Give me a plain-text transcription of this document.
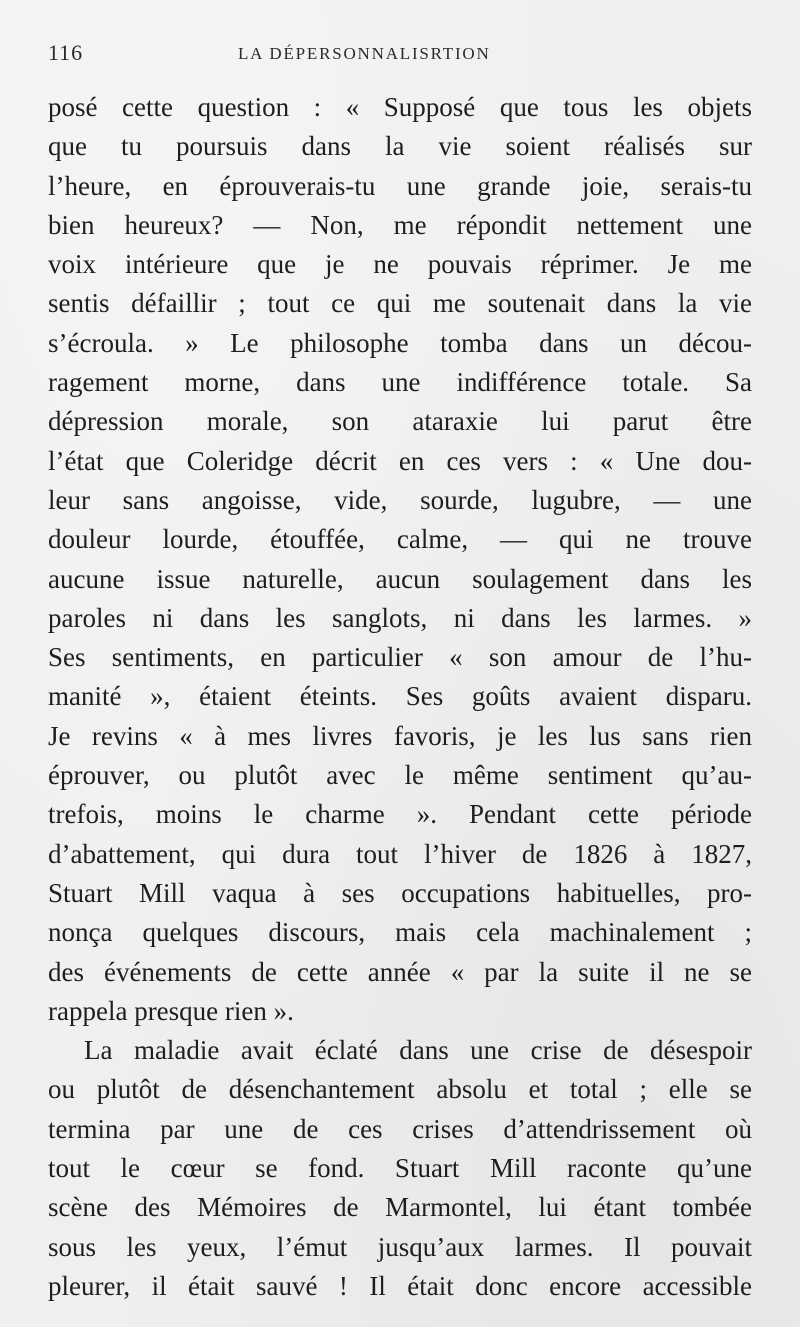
116	LA DÉPERSONNALISRTION
posé cette question : « Supposé que tous les objets
que tu poursuis dans la vie soient réalisés sur
l’heure, en éprouverais-tu une grande joie, serais-tu
bien heureux? — Non, me répondit nettement une
voix intérieure que je ne pouvais réprimer. Je me
sentis défaillir ; tout ce qui me soutenait dans la vie
s’écroula. » Le philosophe tomba dans un décou-
ragement morne, dans une indifférence totale. Sa
dépression morale, son ataraxie lui parut être
l’état que Coleridge décrit en ces vers : « Une dou-
leur sans angoisse, vide, sourde, lugubre, — une
douleur lourde, étouffée, calme, — qui ne trouve
aucune issue naturelle, aucun soulagement dans les
paroles ni dans les sanglots, ni dans les larmes. »
Ses sentiments, en particulier « son amour de l’hu-
manité », étaient éteints. Ses goûts avaient disparu.
Je revins « à mes livres favoris, je les lus sans rien
éprouver, ou plutôt avec le même sentiment qu’au-
trefois, moins le charme ». Pendant cette période
d’abattement, qui dura tout l’hiver de 1826 à 1827,
Stuart Mill vaqua à ses occupations habituelles, pro-
nonça quelques discours, mais cela machinalement ;
des événements de cette année « par la suite il ne se
rappela presque rien ».
La maladie avait éclaté dans une crise de désespoir
ou plutôt de désenchantement absolu et total ; elle se
termina par une de ces crises d’attendrissement où
tout le cœur se fond. Stuart Mill raconte qu’une
scène des Mémoires de Marmontel, lui étant tombée
sous les yeux, l’émut jusqu’aux larmes. Il pouvait
pleurer, il était sauvé ! Il était donc encore accessible
